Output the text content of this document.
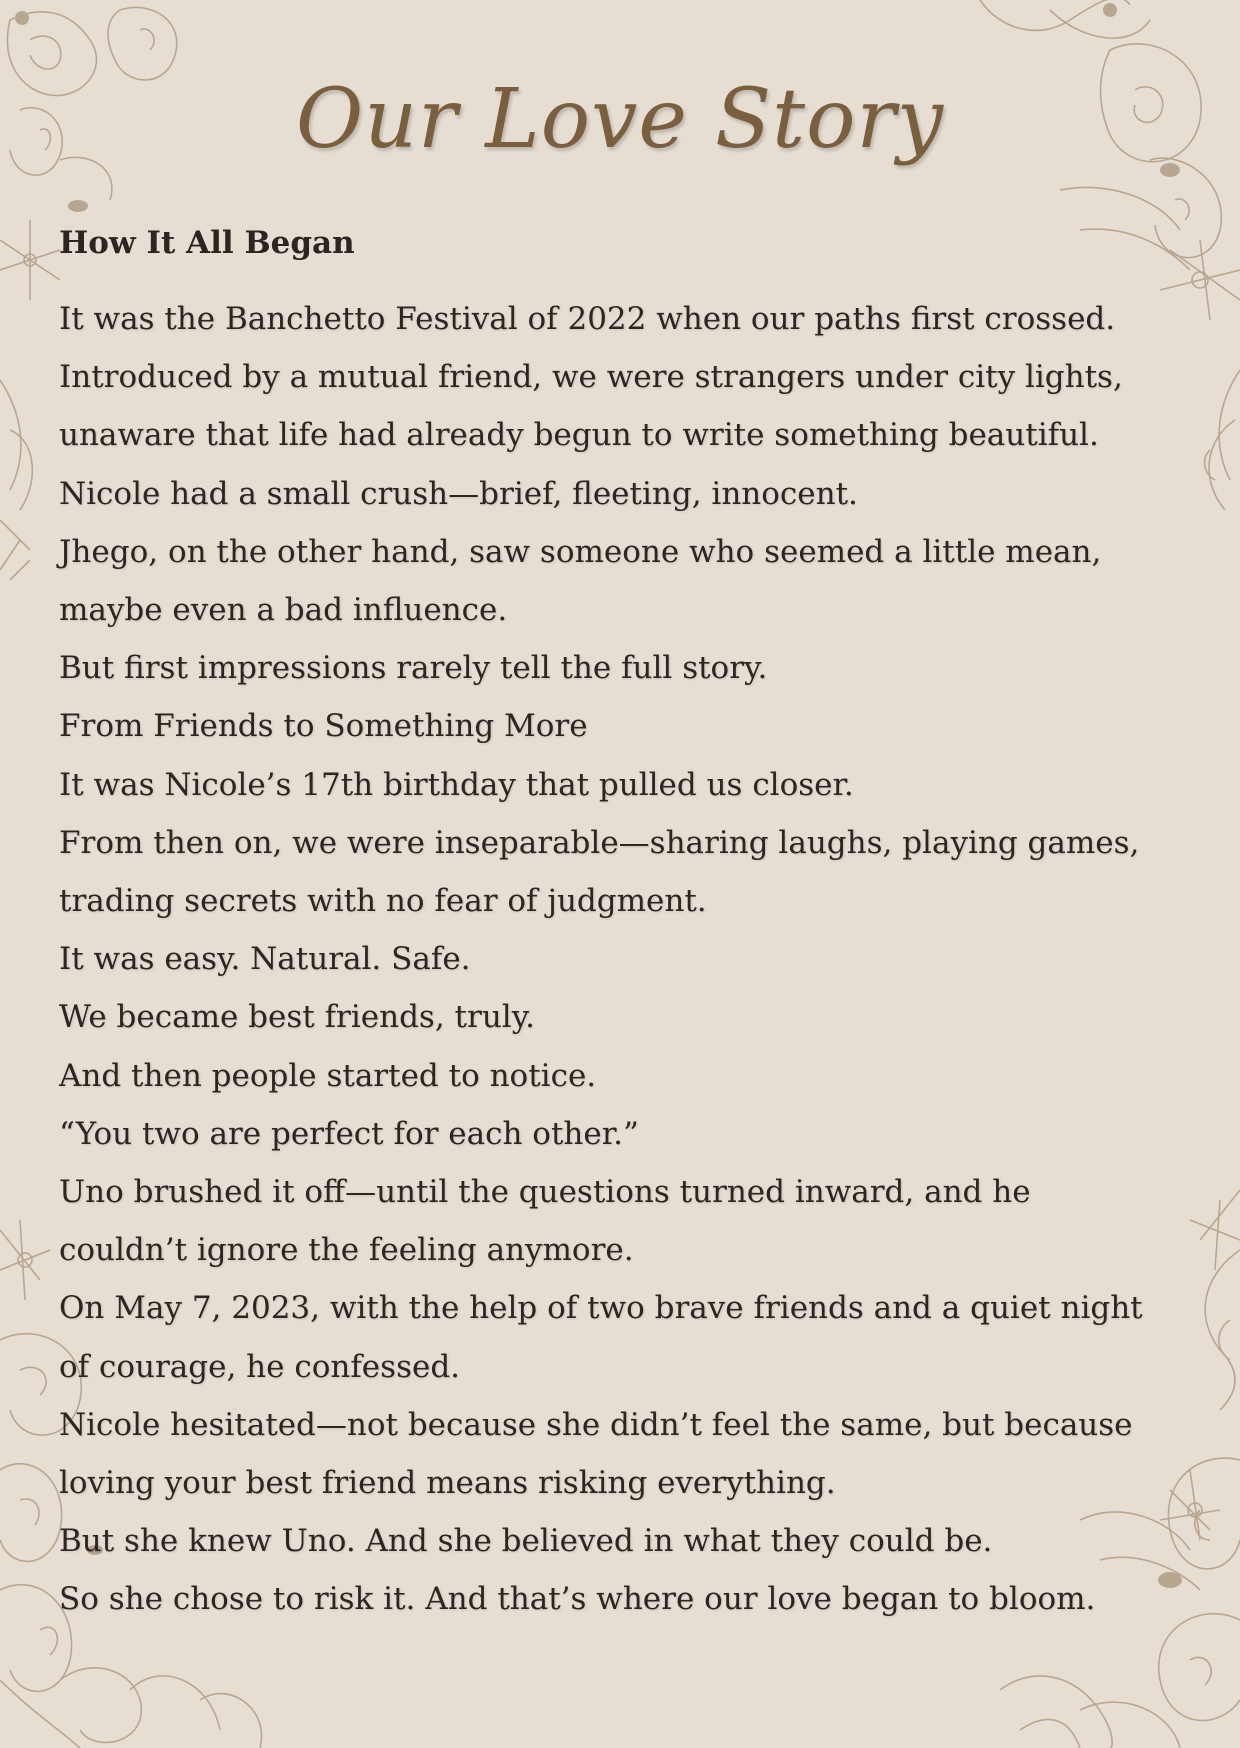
Our Love Story
How It All Began

It was the Banchetto Festival of 2022 when our paths first crossed.

Introduced by a mutual friend, we were strangers under city lights,

unaware that life had already begun to write something beautiful.

Nicole had a small crush—brief, fleeting, innocent.

Jhego, on the other hand, saw someone who seemed a little mean,

maybe even a bad influence.

But first impressions rarely tell the full story.

From Friends to Something More

It was Nicole’s 17th birthday that pulled us closer.

From then on, we were inseparable—sharing laughs, playing games,

trading secrets with no fear of judgment.

It was easy. Natural. Safe.

We became best friends, truly.

And then people started to notice.

“You two are perfect for each other.”

Uno brushed it off—until the questions turned inward, and he

couldn’t ignore the feeling anymore.

On May 7, 2023, with the help of two brave friends and a quiet night

of courage, he confessed.

Nicole hesitated—not because she didn’t feel the same, but because

loving your best friend means risking everything.

But she knew Uno. And she believed in what they could be.

So she chose to risk it. And that’s where our love began to bloom.
